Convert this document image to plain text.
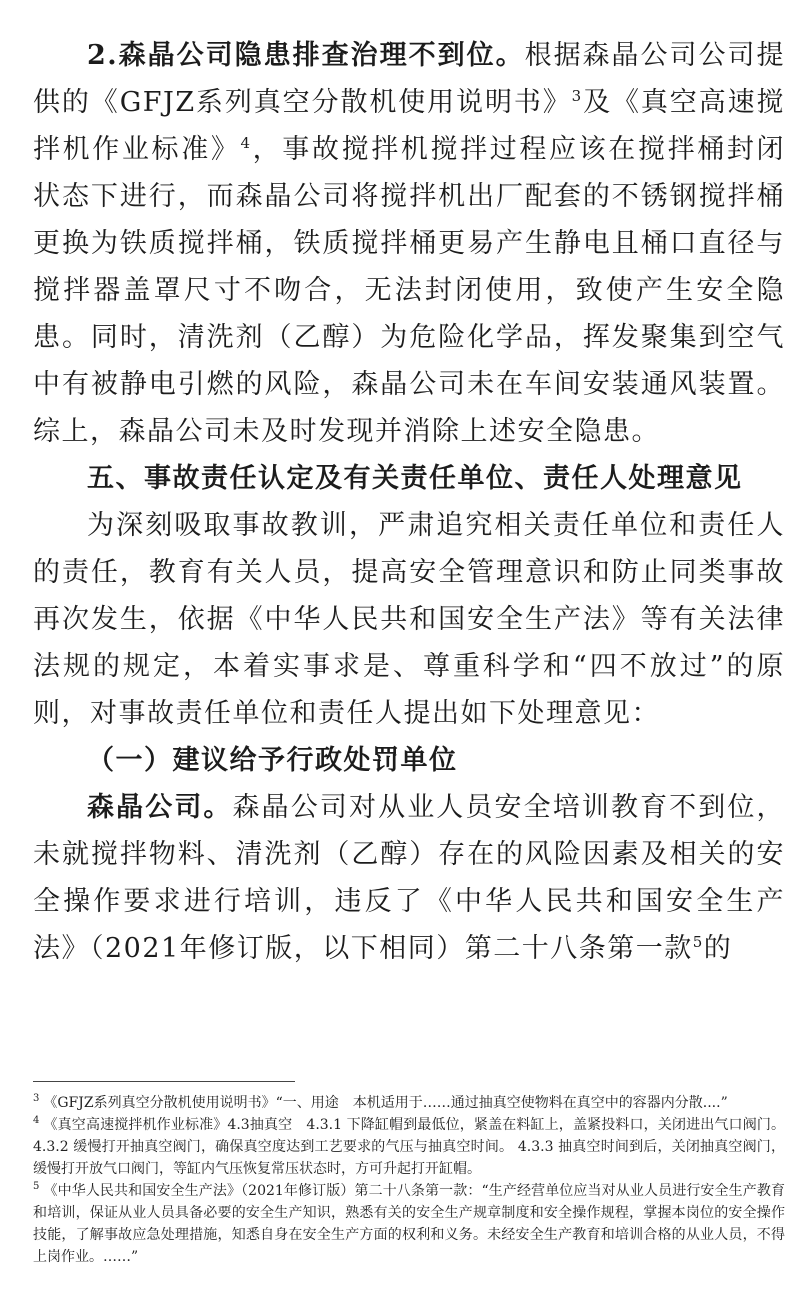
2.森晶公司隐患排查治理不到位。根据森晶公司公司提供的《GFJZ系列真空分散机使用说明书》$^3$及《真空高速搅拌机作业标准》$^4$，事故搅拌机搅拌过程应该在搅拌桶封闭状态下进行，而森晶公司将搅拌机出厂配套的不锈钢搅拌桶更换为铁质搅拌桶，铁质搅拌桶更易产生静电且桶口直径与搅拌器盖罩尺寸不吻合，无法封闭使用，致使产生安全隐患。同时，清洗剂（乙醇）为危险化学品，挥发聚集到空气中有被静电引燃的风险，森晶公司未在车间安装通风装置。综上，森晶公司未及时发现并消除上述安全隐患。

五、事故责任认定及有关责任单位、责任人处理意见

为深刻吸取事故教训，严肃追究相关责任单位和责任人的责任，教育有关人员，提高安全管理意识和防止同类事故再次发生，依据《中华人民共和国安全生产法》等有关法律法规的规定，本着实事求是、尊重科学和“四不放过”的原则，对事故责任单位和责任人提出如下处理意见：

（一）建议给予行政处罚单位

森晶公司。森晶公司对从业人员安全培训教育不到位，未就搅拌物料、清洗剂（乙醇）存在的风险因素及相关的安全操作要求进行培训，违反了《中华人民共和国安全生产法》（2021年修订版，以下相同）第二十八条第一款$^5$的

$^3$ 《GFJZ系列真空分散机使用说明书》“一、用途　本机适用于……通过抽真空使物料在真空中的容器内分散....”

$^4$ 《真空高速搅拌机作业标准》4.3抽真空　4.3.1 下降缸帽到最低位，紧盖在料缸上，盖紧投料口，关闭进出气口阀门。 4.3.2 缓慢打开抽真空阀门，确保真空度达到工艺要求的气压与抽真空时间。 4.3.3 抽真空时间到后，关闭抽真空阀门，缓慢打开放气口阀门，等缸内气压恢复常压状态时，方可升起打开缸帽。

$^5$ 《中华人民共和国安全生产法》（2021年修订版）第二十八条第一款：“生产经营单位应当对从业人员进行安全生产教育和培训，保证从业人员具备必要的安全生产知识，熟悉有关的安全生产规章制度和安全操作规程，掌握本岗位的安全操作技能，了解事故应急处理措施，知悉自身在安全生产方面的权利和义务。未经安全生产教育和培训合格的从业人员，不得上岗作业。……”
